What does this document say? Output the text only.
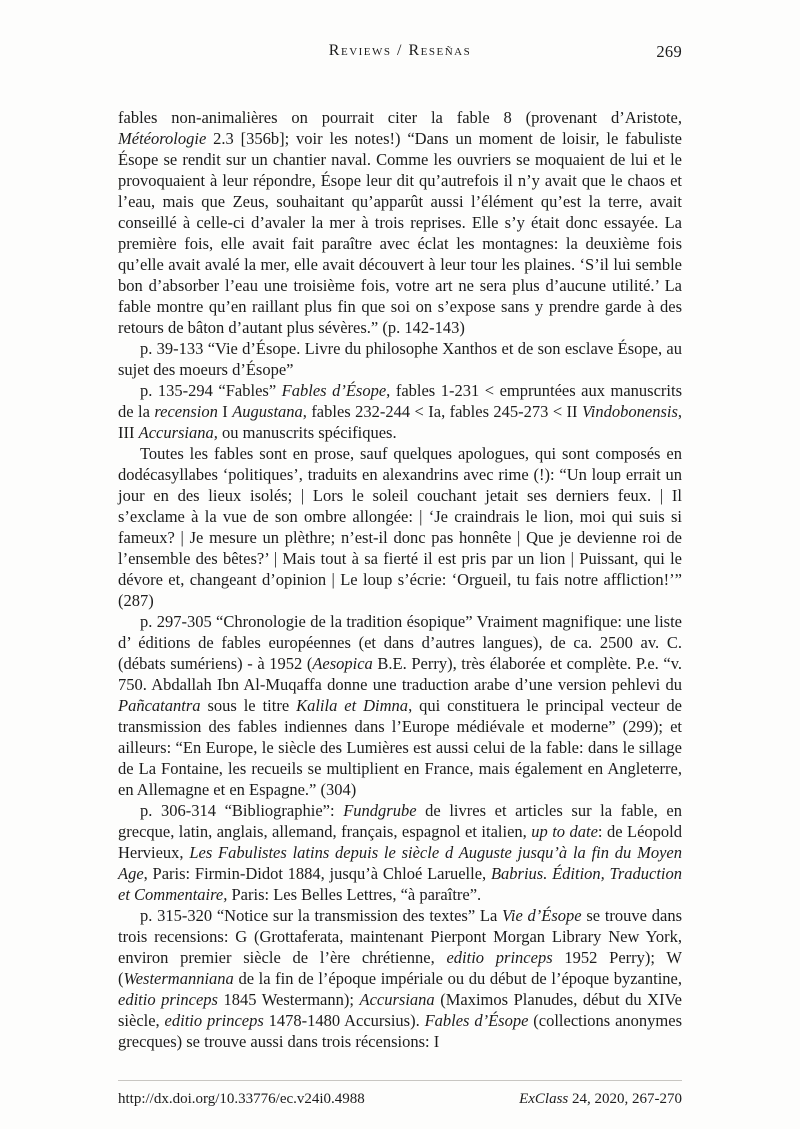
Reviews / Reseñas	269

fables non-animalières on pourrait citer la fable 8 (provenant d’Aristote, Météorologie 2.3 [356b]; voir les notes!) “Dans un moment de loisir, le fabuliste Ésope se rendit sur un chantier naval. Comme les ouvriers se moquaient de lui et le provoquaient à leur répondre, Ésope leur dit qu’autrefois il n’y avait que le chaos et l’eau, mais que Zeus, souhaitant qu’apparût aussi l’élément qu’est la terre, avait conseillé à celle-ci d’avaler la mer à trois reprises. Elle s’y était donc essayée. La première fois, elle avait fait paraître avec éclat les montagnes: la deuxième fois qu’elle avait avalé la mer, elle avait découvert à leur tour les plaines. ‘S’il lui semble bon d’absorber l’eau une troisième fois, votre art ne sera plus d’aucune utilité.’ La fable montre qu’en raillant plus fin que soi on s’expose sans y prendre garde à des retours de bâton d’autant plus sévères.” (p. 142-143)

p. 39-133 “Vie d’Ésope. Livre du philosophe Xanthos et de son esclave Ésope, au sujet des moeurs d’Ésope”

p. 135-294 “Fables” Fables d’Ésope, fables 1-231 < empruntées aux manuscrits de la recension I Augustana, fables 232-244 < Ia, fables 245-273 < II Vindobonensis, III Accursiana, ou manuscrits spécifiques.

Toutes les fables sont en prose, sauf quelques apologues, qui sont composés en dodécasyllabes ‘politiques’, traduits en alexandrins avec rime (!): “Un loup errait un jour en des lieux isolés; | Lors le soleil couchant jetait ses derniers feux. | Il s’exclame à la vue de son ombre allongée: | ‘Je craindrais le lion, moi qui suis si fameux? | Je mesure un plèthre; n’est-il donc pas honnête | Que je devienne roi de l’ensemble des bêtes?’ | Mais tout à sa fierté il est pris par un lion | Puissant, qui le dévore et, changeant d’opinion | Le loup s’écrie: ‘Orgueil, tu fais notre affliction!’” (287)

p. 297-305 “Chronologie de la tradition ésopique” Vraiment magnifique: une liste d’ éditions de fables européennes (et dans d’autres langues), de ca. 2500 av. C. (débats sumériens) - à 1952 (Aesopica B.E. Perry), très élaborée et complète. P.e. “v. 750. Abdallah Ibn Al-Muqaffa donne une traduction arabe d’une version pehlevi du Pañcatantra sous le titre Kalila et Dimna, qui constituera le principal vecteur de transmission des fables indiennes dans l’Europe médiévale et moderne” (299); et ailleurs: “En Europe, le siècle des Lumières est aussi celui de la fable: dans le sillage de La Fontaine, les recueils se multiplient en France, mais également en Angleterre, en Allemagne et en Espagne.” (304)

p. 306-314 “Bibliographie”: Fundgrube de livres et articles sur la fable, en grecque, latin, anglais, allemand, français, espagnol et italien, up to date: de Léopold Hervieux, Les Fabulistes latins depuis le siècle d Auguste jusqu’à la fin du Moyen Age, Paris: Firmin-Didot 1884, jusqu’à Chloé Laruelle, Babrius. Édition, Traduction et Commentaire, Paris: Les Belles Lettres, “à paraître”.

p. 315-320 “Notice sur la transmission des textes” La Vie d’Ésope se trouve dans trois recensions: G (Grottaferata, maintenant Pierpont Morgan Library New York, environ premier siècle de l’ère chrétienne, editio princeps 1952 Perry); W (Westermanniana de la fin de l’époque impériale ou du début de l’époque byzantine, editio princeps 1845 Westermann); Accursiana (Maximos Planudes, début du XIVe siècle, editio princeps 1478-1480 Accursius). Fables d’Ésope (collections anonymes grecques) se trouve aussi dans trois récensions: I

http://dx.doi.org/10.33776/ec.v24i0.4988	ExClass 24, 2020, 267-270
